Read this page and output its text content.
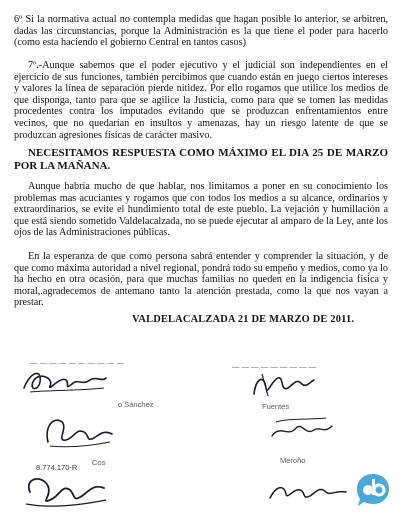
6º Si la normativa actual no contempla medidas que hagan posible lo anterior, se arbitren, dadas las circunstancias, porque la Administración es la que tiene el poder para hacerlo (como esta haciendo el gobierno Central en tantos casos)

7º.-Aunque sabemos que el poder ejecutivo y el judicial son independientes en el ejercicio de sus funciones, también percibimos que cuando están en juego ciertos intereses y valores la línea de separación pierde nitidez. Por ello rogamos que utilice los medios de que disponga, tanto para que se agilice la Justicia, como para que se tomen las medidas procedentes contra los imputados evitando que se produzcan enfrentamientos entre vecinos, que no quedarían en insultos y amenazas, hay un riesgo latente de que se produzcan agresiones físicas de carácter masivo.

NECESITAMOS RESPUESTA COMO MÁXIMO EL DIA 25 DE MARZO POR LA MAÑANA.

Aunque habría mucho de que hablar, nos limitamos a poner en su conocimiento los problemas mas acuciantes y rogamos que con todos los medios a su alcance, ordinarios y extraordinarios, se evite el hundimiento total de este pueblo. La vejación y humillación a que está siendo sometido Valdelacalzada, no se puede ejecutar al amparo de la Ley, ante los ojos de las Administraciones públicas.

En la esperanza de que como persona sabrá entender y comprender la situación, y de que como máxima autoridad a nivel regional, pondrá todo su empeño y medios, como ya lo ha hecho en otra ocasión, para que muchas familias no queden en la indigencia física y moral,.agradecemos de antemano tanto la atención prestada, como la que nos vayan a prestar.

VALDELACALZADA 21 DE MARZO DE 2011.
— — — — — — — — — —	— — — — — — — — —
o Sánchez	Fuentes
Cos	Meroño
8.774.170-R
